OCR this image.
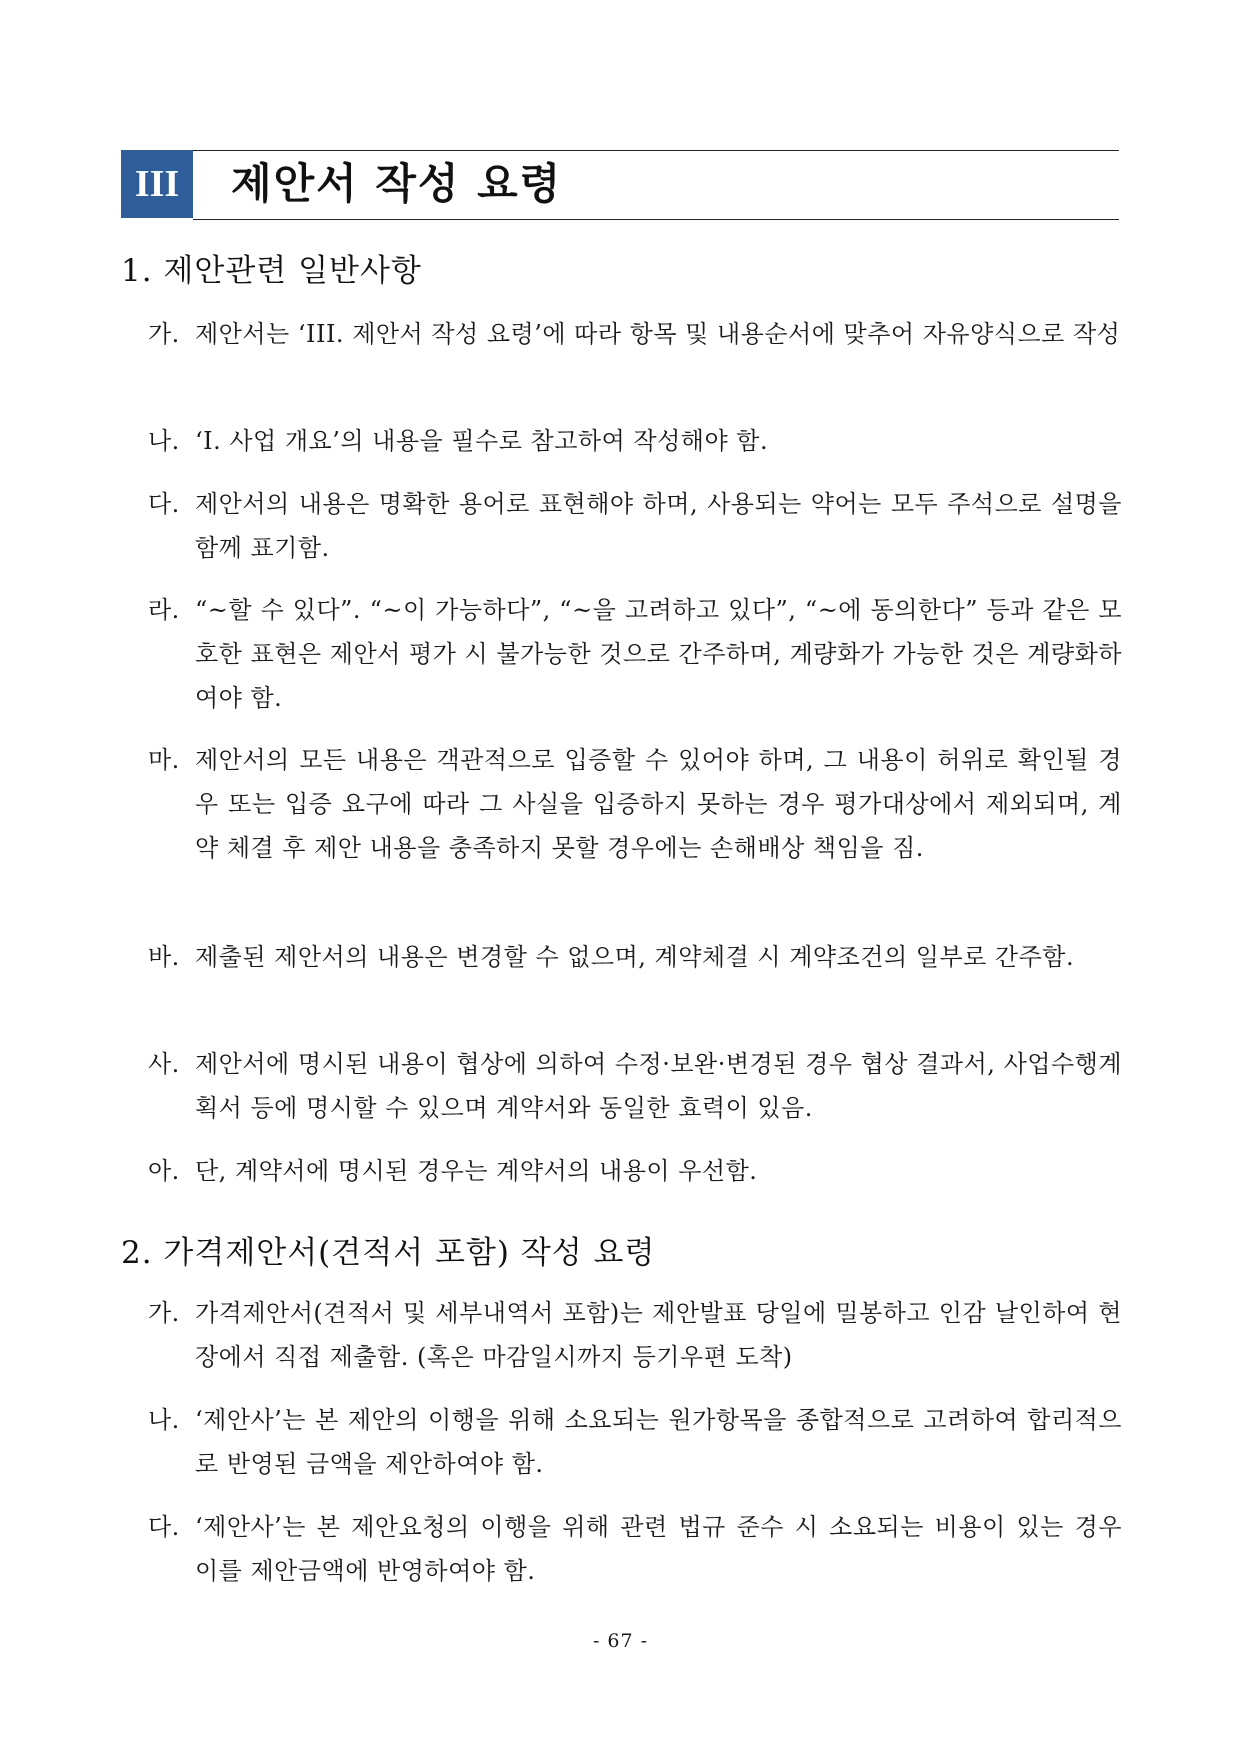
III	제안서 작성 요령
1. 제안관련 일반사항
가. 제안서는 ‘III. 제안서 작성 요령’에 따라 항목 및 내용순서에 맞추어 자유양식으로 작성
나. ‘I. 사업 개요’의 내용을 필수로 참고하여 작성해야 함.
다. 제안서의 내용은 명확한 용어로 표현해야 하며, 사용되는 약어는 모두 주석으로 설명을 함께 표기함.
라. “~할 수 있다”. “~이 가능하다”, “~을 고려하고 있다”, “~에 동의한다” 등과 같은 모호한 표현은 제안서 평가 시 불가능한 것으로 간주하며, 계량화가 가능한 것은 계량화하여야 함.
마. 제안서의 모든 내용은 객관적으로 입증할 수 있어야 하며, 그 내용이 허위로 확인될 경우 또는 입증 요구에 따라 그 사실을 입증하지 못하는 경우 평가대상에서 제외되며, 계약 체결 후 제안 내용을 충족하지 못할 경우에는 손해배상 책임을 짐.
바. 제출된 제안서의 내용은 변경할 수 없으며, 계약체결 시 계약조건의 일부로 간주함.
사. 제안서에 명시된 내용이 협상에 의하여 수정·보완·변경된 경우 협상 결과서, 사업수행계획서 등에 명시할 수 있으며 계약서와 동일한 효력이 있음.
아. 단, 계약서에 명시된 경우는 계약서의 내용이 우선함.
2. 가격제안서(견적서 포함) 작성 요령
가. 가격제안서(견적서 및 세부내역서 포함)는 제안발표 당일에 밀봉하고 인감 날인하여 현장에서 직접 제출함. (혹은 마감일시까지 등기우편 도착)
나. ‘제안사’는 본 제안의 이행을 위해 소요되는 원가항목을 종합적으로 고려하여 합리적으로 반영된 금액을 제안하여야 함.
다. ‘제안사’는 본 제안요청의 이행을 위해 관련 법규 준수 시 소요되는 비용이 있는 경우 이를 제안금액에 반영하여야 함.
- 67 -
